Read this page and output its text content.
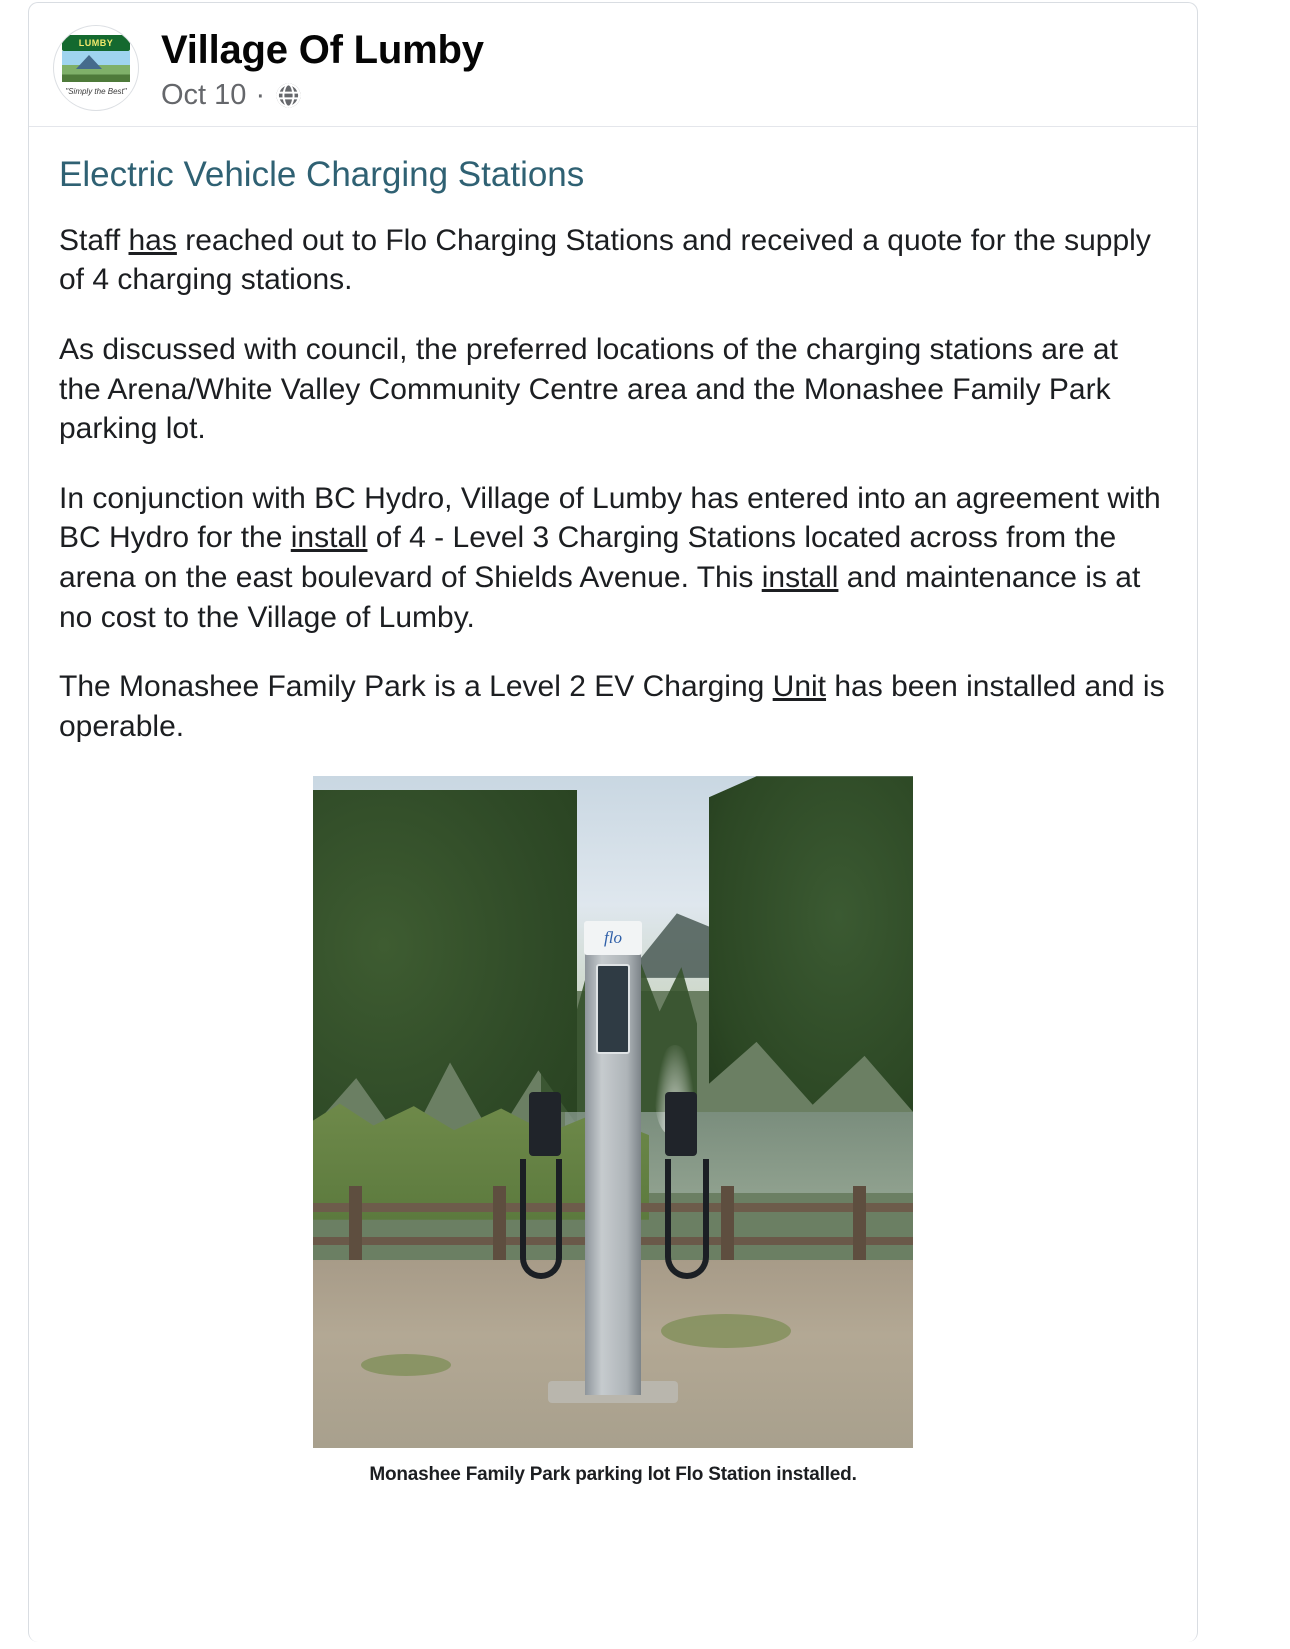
LUMBY
"Simply the Best"
Village Of Lumby
Oct 10 ·
Electric Vehicle Charging Stations

Staff has reached out to Flo Charging Stations and received a quote for the supply of 4 charging stations.

As discussed with council, the preferred locations of the charging stations are at the Arena/White Valley Community Centre area and the Monashee Family Park parking lot.

In conjunction with BC Hydro, Village of Lumby has entered into an agreement with BC Hydro for the install of 4 - Level 3 Charging Stations located across from the arena on the east boulevard of Shields Avenue. This install and maintenance is at no cost to the Village of Lumby.

The Monashee Family Park is a Level 2 EV Charging Unit has been installed and is operable.

flo
Monashee Family Park parking lot Flo Station installed.
